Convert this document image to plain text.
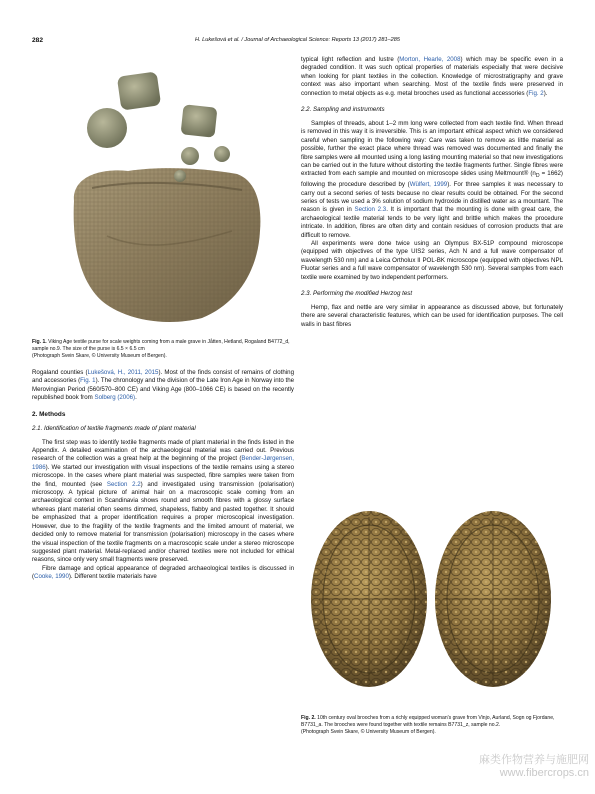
282	H. Lukešová et al. / Journal of Archaeological Science: Reports 13 (2017) 281–285
Fig. 1. Viking Age textile purse for scale weights coming from a male grave in Jåtten, Hetland, Rogaland B4772_d, sample no.9. The size of the purse is 6.5 × 6.5 cm
(Photograph Svein Skare, © University Museum of Bergen).

Rogaland counties (Lukešová, H., 2011, 2015). Most of the finds consist of remains of clothing and accessories (Fig. 1). The chronology and the division of the Late Iron Age in Norway into the Merovingian Period (560/570–800 CE) and Viking Age (800–1066 CE) is based on the recently republished book from Solberg (2006).

2. Methods

2.1. Identification of textile fragments made of plant material

The first step was to identify textile fragments made of plant material in the finds listed in the Appendix. A detailed examination of the archaeological material was carried out. Previous research of the collection was a great help at the beginning of the project (Bender-Jørgensen, 1986). We started our investigation with visual inspections of the textile remains using a stereo microscope. In the cases where plant material was suspected, fibre samples were taken from the find, mounted (see Section 2.2) and investigated using transmission (polarisation) microscopy. A typical picture of animal hair on a macroscopic scale coming from an archaeological context in Scandinavia shows round and smooth fibres with a glossy surface whereas plant material often seems dimmed, shapeless, flabby and pasted together. It should be emphasized that a proper identification requires a proper microscopical investigation. However, due to the fragility of the textile fragments and the limited amount of material, we decided only to remove material for transmission (polarisation) microscopy in the cases where the visual inspection of the textile fragments on a macroscopic scale under a stereo microscope suggested plant material. Metal-replaced and/or charred textiles were not included for ethical reasons, since only very small fragments were preserved.

Fibre damage and optical appearance of degraded archaeological textiles is discussed in (Cooke, 1990). Different textile materials have

typical light reflection and lustre (Morton, Hearle, 2008) which may be specific even in a degraded condition. It was such optical properties of materials especially that were decisive when looking for plant textiles in the collection. Knowledge of microstratigraphy and grave context was also important when searching. Most of the textile finds were preserved in connection to metal objects as e.g. metal brooches used as functional accessories (Fig. 2).

2.2. Sampling and instruments

Samples of threads, about 1–2 mm long were collected from each textile find. When thread is removed in this way it is irreversible. This is an important ethical aspect which we considered careful when sampling in the following way: Care was taken to remove as little material as possible, further the exact place where thread was removed was documented and finally the fibre samples were all mounted using a long lasting mounting material so that new investigations can be carried out in the future without distorting the textile fragments further. Single fibres were extracted from each sample and mounted on microscope slides using Meltmount® $(n_D = 1662)$ following the procedure described by (Wülfert, 1999). For three samples it was necessary to carry out a second series of tests because no clear results could be obtained. For the second series of tests we used a 3% solution of sodium hydroxide in distilled water as a mountant. The reason is given in Section 2.3. It is important that the mounting is done with great care, the archaeological textile material tends to be very light and brittle which makes the procedure intricate. In addition, fibres are often dirty and contain residues of corrosion products that are difficult to remove.

All experiments were done twice using an Olympus BX-51P compound microscope (equipped with objectives of the type UIS2 series, Ach N and a full wave compensator of wavelength 530 nm) and a Leica Ortholux II POL-BK microscope (equipped with objectives NPL Fluotar series and a full wave compensator of wavelength 530 nm). Several samples from each textile were examined by two independent performers.

2.3. Performing the modified Herzog test

Hemp, flax and nettle are very similar in appearance as discussed above, but fortunately there are several characteristic features, which can be used for identification purposes. The cell walls in bast fibres

Fig. 2. 10th century oval brooches from a richly equipped woman's grave from Vinjo, Aurland, Sogn og Fjordane, B7731_a. The brooches were found together with textile remains B7731_z, sample no.2.
(Photograph Svein Skare, © University Museum of Bergen).
麻类作物营养与施肥网
www.fibercrops.cn
